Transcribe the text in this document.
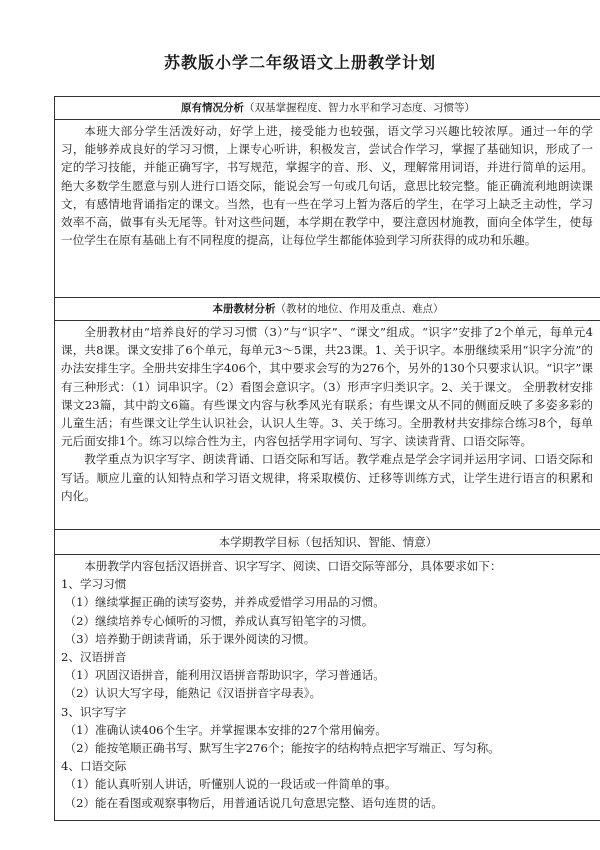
苏教版小学二年级语文上册教学计划
原有情况分析（双基掌握程度、智力水平和学习态度、习惯等）

本班大部分学生活泼好动，好学上进，接受能力也较强，语文学习兴趣比较浓厚。通过一年的学习，能够养成良好的学习习惯，上课专心听讲，积极发言，尝试合作学习，掌握了基础知识，形成了一定的学习技能，并能正确写字，书写规范，掌握字的音、形、义，理解常用词语，并进行简单的运用。绝大多数学生愿意与别人进行口语交际，能说会写一句或几句话，意思比较完整。能正确流利地朗读课文，有感情地背诵指定的课文。当然，也有一些在学习上暂为落后的学生，在学习上缺乏主动性，学习效率不高，做事有头无尾等。针对这些问题，本学期在教学中，要注意因材施教，面向全体学生，使每一位学生在原有基础上有不同程度的提高，让每位学生都能体验到学习所获得的成功和乐趣。

本册教材分析（教材的地位、作用及重点、难点）

全册教材由“培养良好的学习习惯（3）”与“识字”、“课文”组成。“识字”安排了2个单元，每单元4课，共8课。课文安排了6个单元，每单元3～5课，共23课。1、关于识字。本册继续采用“识字分流”的办法安排生字。全册共安排生字406个，其中要求会写的为276个，另外的130个只要求认识。“识字”课有三种形式：（1）词串识字。（2）看图会意识字。（3）形声字归类识字。2、关于课文。 全册教材安排课文23篇，其中韵文6篇。有些课文内容与秋季风光有联系；有些课文从不同的侧面反映了多姿多彩的儿童生活；有些课文让学生认识社会，认识人生等。3、关于练习。全册教材共安排综合练习8个，每单元后面安排1个。练习以综合性为主，内容包括学用字词句、写字、读读背背、口语交际等。

教学重点为识字写字、朗读背诵、口语交际和写话。教学难点是学会字词并运用字词、口语交际和写话。顺应儿童的认知特点和学习语文规律，将采取模仿、迁移等训练方式，让学生进行语言的积累和内化。

本学期教学目标（包括知识、智能、情意）

本册教学内容包括汉语拼音、识字写字、阅读、口语交际等部分，具体要求如下：

1、学习习惯

（1）继续掌握正确的读写姿势，并养成爱惜学习用品的习惯。

（2）继续培养专心倾听的习惯，养成认真写铅笔字的习惯。

（3）培养勤于朗读背诵，乐于课外阅读的习惯。

2、汉语拼音

（1）巩固汉语拼音，能利用汉语拼音帮助识字，学习普通话。

（2）认识大写字母，能熟记《汉语拼音字母表》。

3、识字写字

（1）准确认读406个生字。并掌握课本安排的27个常用偏旁。

（2）能按笔顺正确书写、默写生字276个；能按字的结构特点把字写端正、写匀称。

4、口语交际

（1）能认真听别人讲话，听懂别人说的一段话或一件简单的事。

（2）能在看图或观察事物后，用普通话说几句意思完整、语句连贯的话。
